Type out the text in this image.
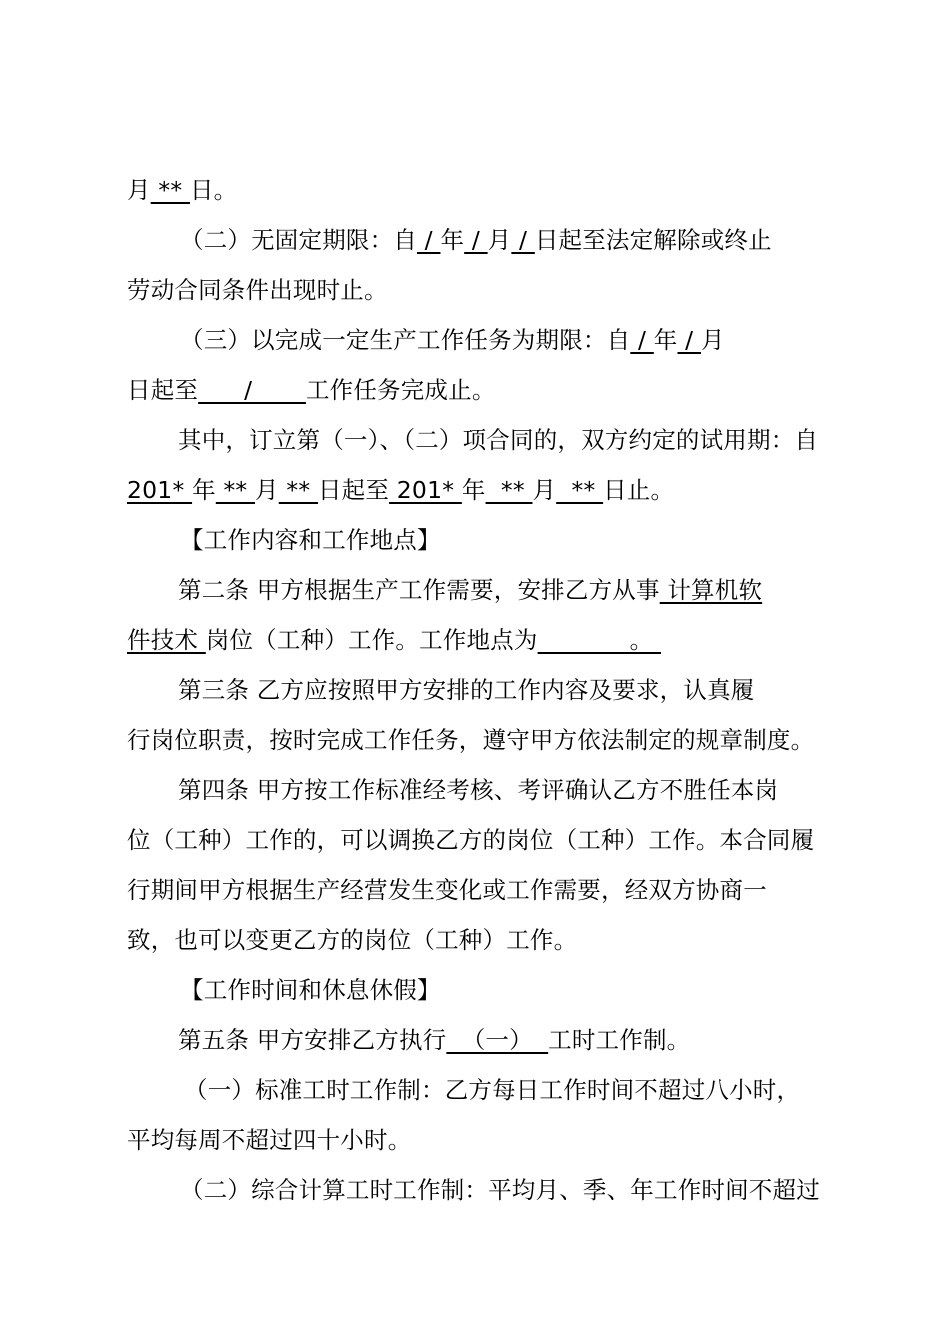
月 ** 日。
（二）无固定期限：自 / 年 / 月 / 日起至法定解除或终止
劳动合同条件出现时止。
（三）以完成一定生产工作任务为期限：自 / 年 / 月
日起至      /       工作任务完成止。
其中，订立第（一）、（二）项合同的，双方约定的试用期：自
201* 年 ** 月 ** 日起至 201* 年  ** 月  ** 日止。
【工作内容和工作地点】
第二条 甲方根据生产工作需要，安排乙方从事 计算机软
件技术 岗位（工种）工作。工作地点为            。
第三条 乙方应按照甲方安排的工作内容及要求，认真履
行岗位职责，按时完成工作任务，遵守甲方依法制定的规章制度。
第四条 甲方按工作标准经考核、考评确认乙方不胜任本岗
位（工种）工作的，可以调换乙方的岗位（工种）工作。本合同履
行期间甲方根据生产经营发生变化或工作需要，经双方协商一
致，也可以变更乙方的岗位（工种）工作。
【工作时间和休息休假】
第五条 甲方安排乙方执行  （一）  工时工作制。
（一）标准工时工作制：乙方每日工作时间不超过八小时，
平均每周不超过四十小时。
（二）综合计算工时工作制：平均月、季、年工作时间不超过
